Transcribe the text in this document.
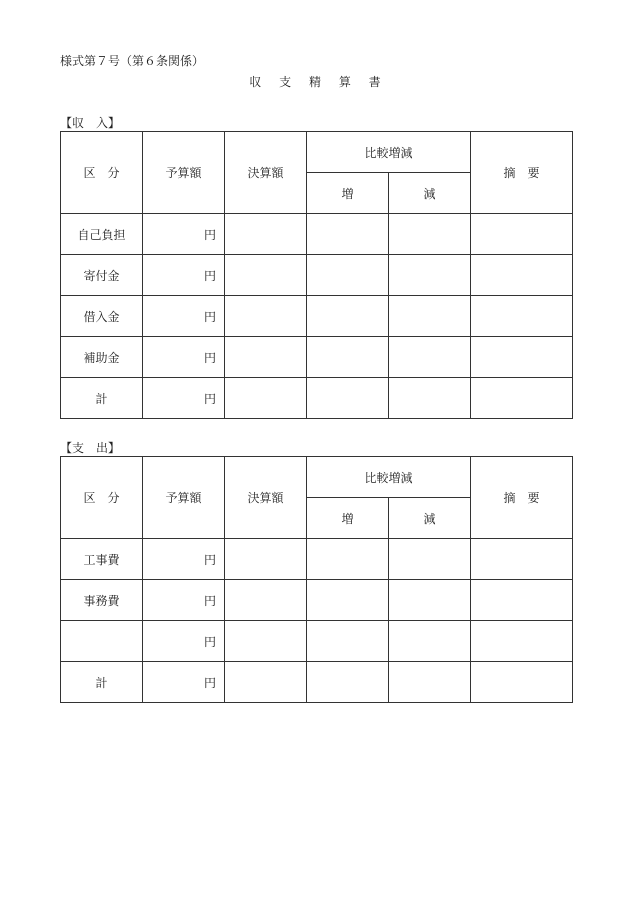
様式第７号（第６条関係）
収 支 精 算 書
【収　入】
区　分	予算額	決算額	比較増減		摘　要
			増	減	
自己負担	円				
寄付金	円				
借入金	円				
補助金	円				
計	円				
【支　出】
区　分	予算額	決算額	比較増減		摘　要
			増	減	
工事費	円				
事務費	円				
	円				
計	円				
